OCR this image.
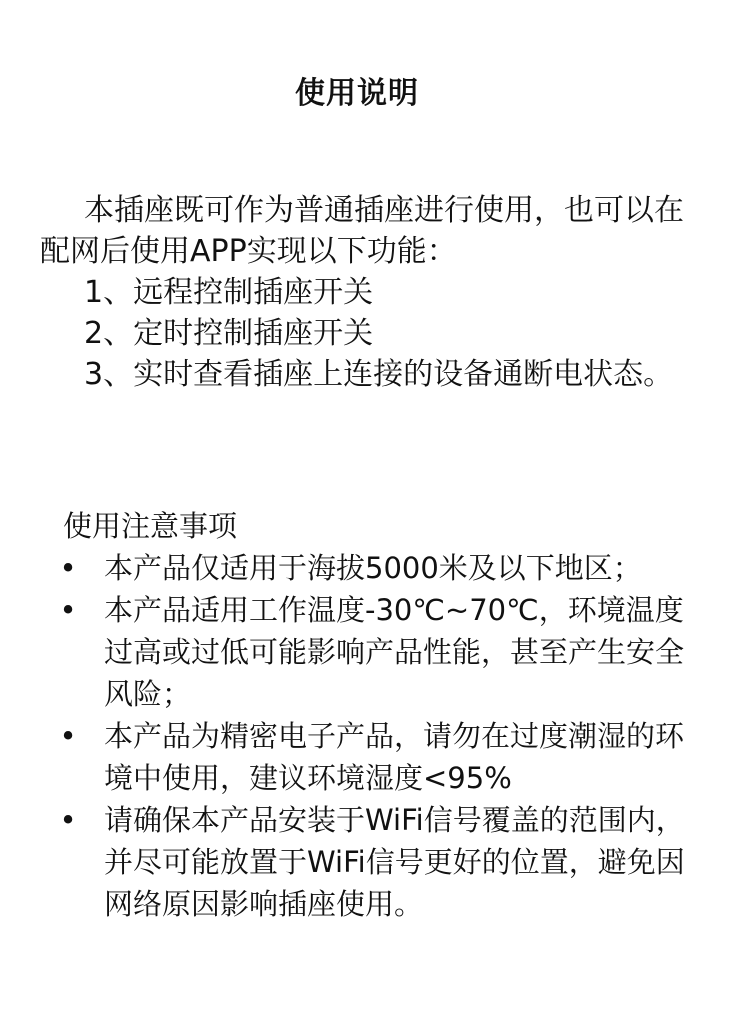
使用说明

本插座既可作为普通插座进行使用，也可以在配网后使用APP实现以下功能：

1、远程控制插座开关

2、定时控制插座开关

3、实时查看插座上连接的设备通断电状态。

使用注意事项
• 本产品仅适用于海拔5000米及以下地区；
• 本产品适用工作温度-30℃~70℃，环境温度过高或过低可能影响产品性能，甚至产生安全风险；
• 本产品为精密电子产品，请勿在过度潮湿的环境中使用，建议环境湿度<95%
• 请确保本产品安装于WiFi信号覆盖的范围内，并尽可能放置于WiFi信号更好的位置，避免因网络原因影响插座使用。
